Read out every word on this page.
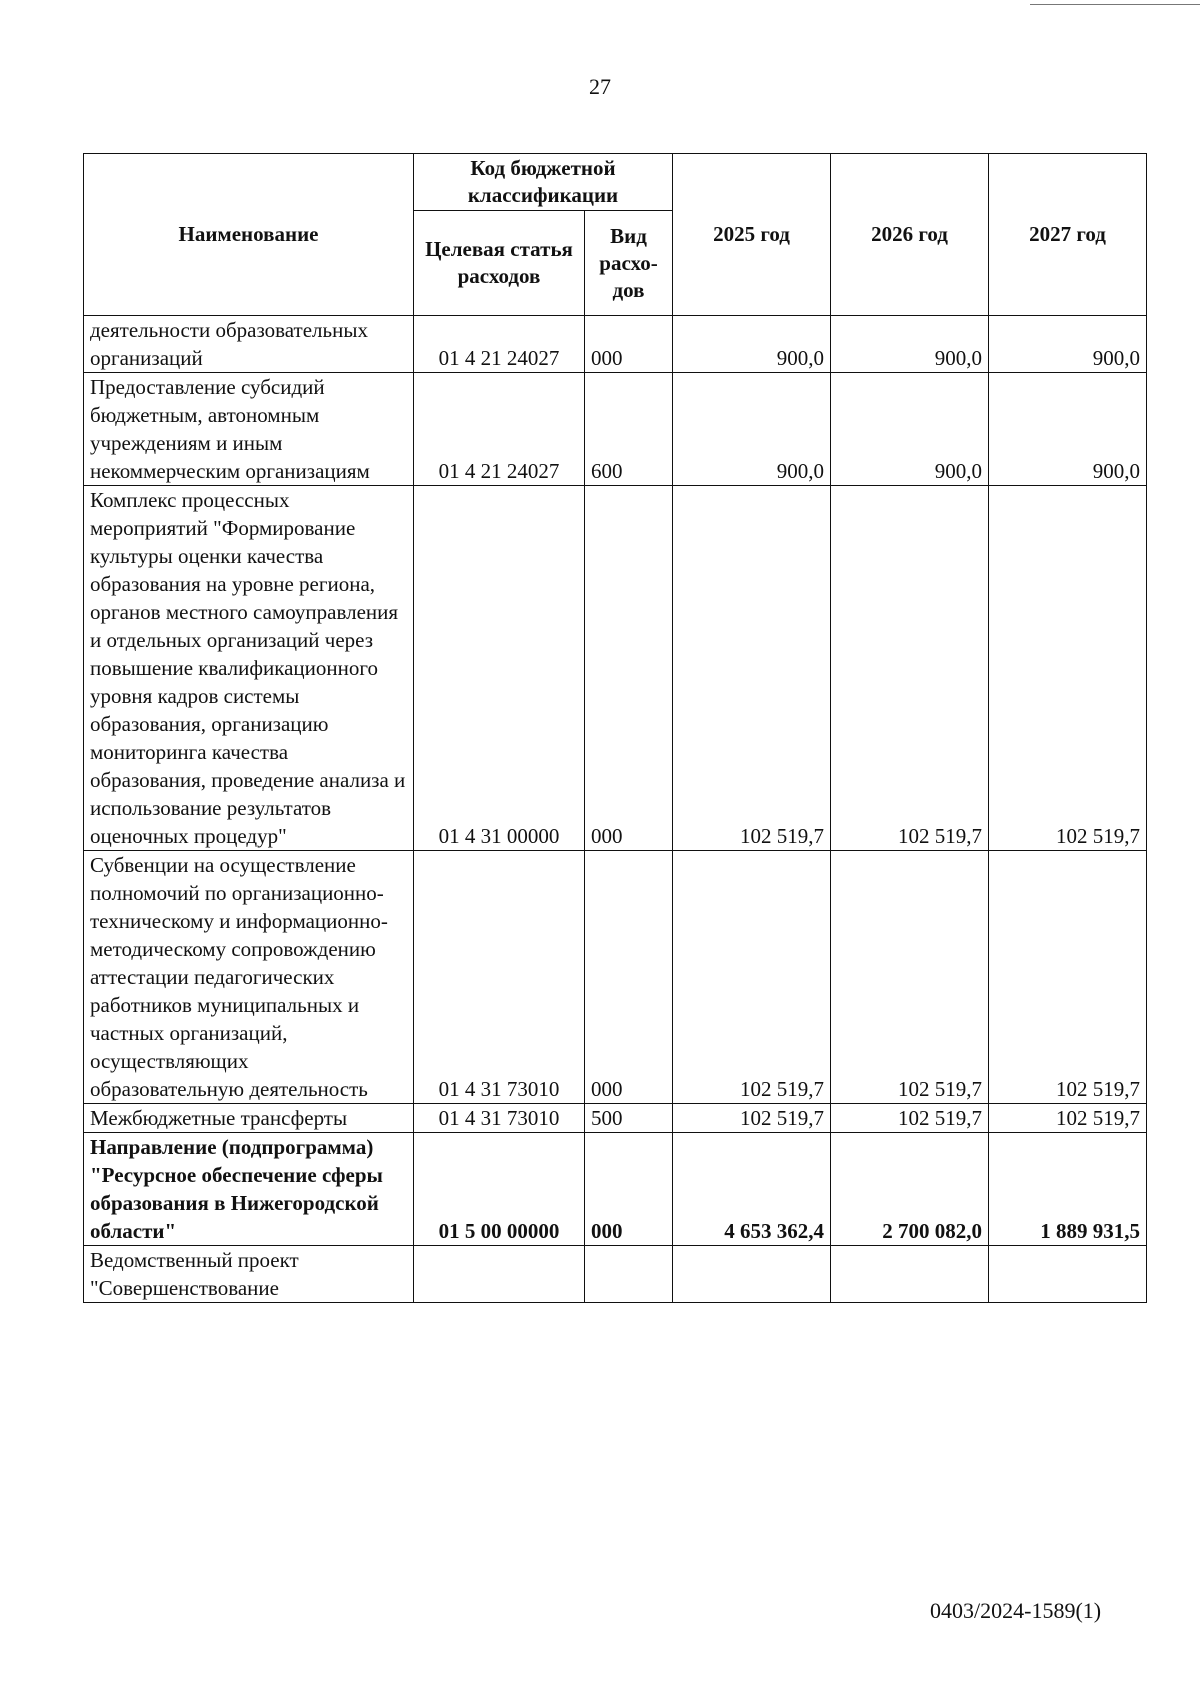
27
Наименование	Код бюджетной классификации		2025 год	2026 год	2027 год
	Целевая статья расходов	Вид расхо-дов			
деятельности образовательных организаций	01 4 21 24027	000	900,0	900,0	900,0
Предоставление субсидий бюджетным, автономным учреждениям и иным некоммерческим организациям	01 4 21 24027	600	900,0	900,0	900,0
Комплекс процессных мероприятий "Формирование культуры оценки качества образования на уровне региона, органов местного самоуправления и отдельных организаций через повышение квалификационного уровня кадров системы образования, организацию мониторинга качества образования, проведение анализа и использование результатов оценочных процедур"	01 4 31 00000	000	102 519,7	102 519,7	102 519,7
Субвенции на осуществление полномочий по организационно-техническому и информационно-методическому сопровождению аттестации педагогических работников муниципальных и частных организаций, осуществляющих образовательную деятельность	01 4 31 73010	000	102 519,7	102 519,7	102 519,7
Межбюджетные трансферты	01 4 31 73010	500	102 519,7	102 519,7	102 519,7
Направление (подпрограмма) "Ресурсное обеспечение сферы образования в Нижегородской области"	01 5 00 00000	000	4 653 362,4	2 700 082,0	1 889 931,5
Ведомственный проект "Совершенствование					
0403/2024-1589(1)
